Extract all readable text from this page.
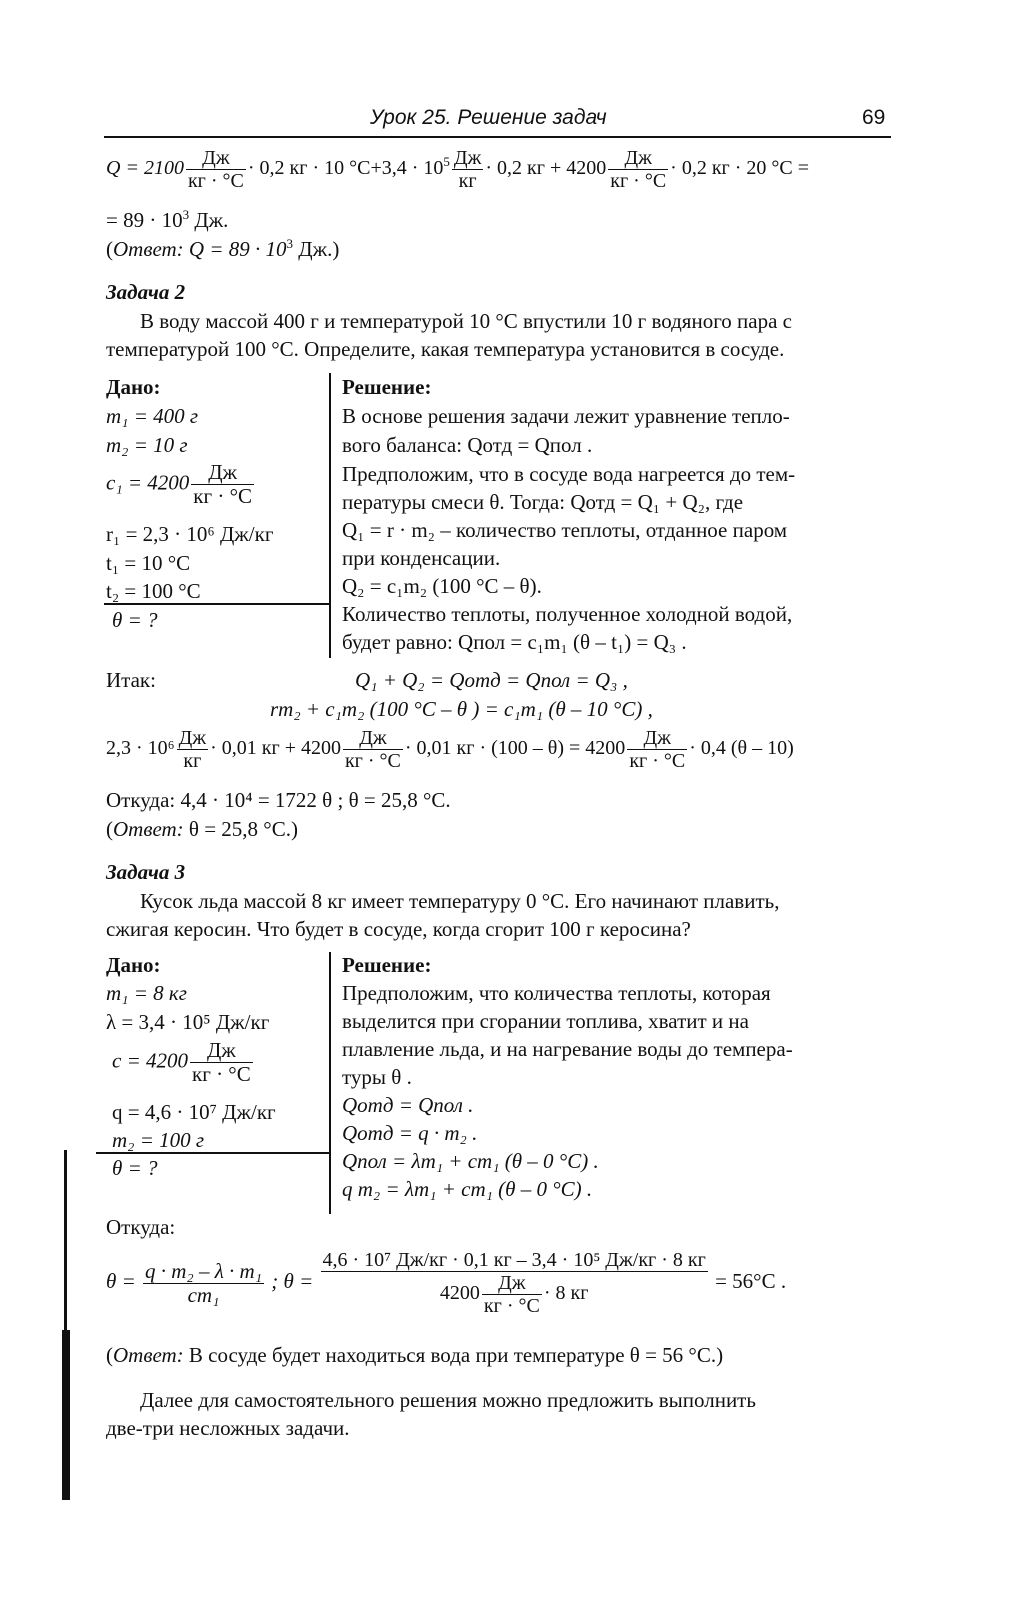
Урок 25. Решение задач	69
$Q = 2100 \frac{Дж}{кг \cdot ^\circ C} \cdot 0,2$ кг · 10 $^\circ C+3,4 \cdot 10^5 \frac{Дж}{кг} \cdot 0,2$ кг + $4200 \frac{Дж}{кг \cdot ^\circ C} \cdot 0,2$ кг · 20 °C =
= $89 \cdot 10^3$ Дж.
(Ответ: $Q = 89 \cdot 10^3$ Дж.)
Задача 2
В воду массой 400 г и температурой 10 °С впустили 10 г водяного пара с
температурой 100 °С. Определите, какая температура установится в сосуде.
Дано:
m₁ = 400 г
m₂ = 10 г
$c_1 = 4200 \frac{Дж}{кг \cdot ^\circ C}$
r₁ = 2,3 · 10⁶ Дж/кг
t₁ = 10 °C
t₂ = 100 °C
θ = ?
Решение:
В основе решения задачи лежит уравнение тепло-
вого баланса: Qотд = Qпол .
Предположим, что в сосуде вода нагреется до тем-
пературы смеси θ. Тогда: Qотд = Q₁ + Q₂, где
Q₁ = r · m₂ – количество теплоты, отданное паром
при конденсации.
Q₂ = c₁m₂ (100 °C – θ).
Количество теплоты, полученное холодной водой,
будет равно: Qпол = c₁m₁ (θ – t₁) = Q₃ .
Итак:	Q₁ + Q₂ = Qотд = Qпол = Q₃ ,
rm₂ + c₁m₂ (100 °C – θ ) = c₁m₁ (θ – 10 °C) ,
$2,3 \cdot 10^6 \frac{Дж}{кг} \cdot 0,01$ кг + $4200 \frac{Дж}{кг \cdot ^\circ C} \cdot 0,01$ кг · $(100 - \theta) = 4200 \frac{Дж}{кг \cdot ^\circ C} \cdot 0,4$ (θ – 10)
Откуда: 4,4 · 10⁴ = 1722 θ ; θ = 25,8 °C.
(Ответ: θ = 25,8 °C.)
Задача 3
Кусок льда массой 8 кг имеет температуру 0 °С. Его начинают плавить,
сжигая керосин. Что будет в сосуде, когда сгорит 100 г керосина?
Дано:
m₁ = 8 кг
λ = 3,4 · 10⁵ Дж/кг
$c = 4200 \frac{Дж}{кг \cdot ^\circ C}$
q = 4,6 · 10⁷ Дж/кг
m₂ = 100 г
θ = ?
Решение:
Предположим, что количества теплоты, которая
выделится при сгорании топлива, хватит и на
плавление льда, и на нагревание воды до темпера-
туры θ .
Qотд = Qпол .
Qотд = q · m₂ .
Qпол = λm₁ + cm₁ (θ – 0 °C) .
q m₂ = λm₁ + cm₁ (θ – 0 °C) .
Откуда:
$\theta = \frac{\text{q · m₂ – λ · m₁}}{\text{cm₁}}$ ; $\theta = \frac{\text{4,6 · 10⁷ Дж/кг · 0,1 кг – 3,4 · 10⁵ Дж/кг · 8 кг}}{4200 \frac{Дж}{кг \cdot ^\circ C} \cdot 8 кг} = 56^\circ C$ .
(Ответ: В сосуде будет находиться вода при температуре θ = 56 °С.)
Далее для самостоятельного решения можно предложить выполнить
две-три несложных задачи.
